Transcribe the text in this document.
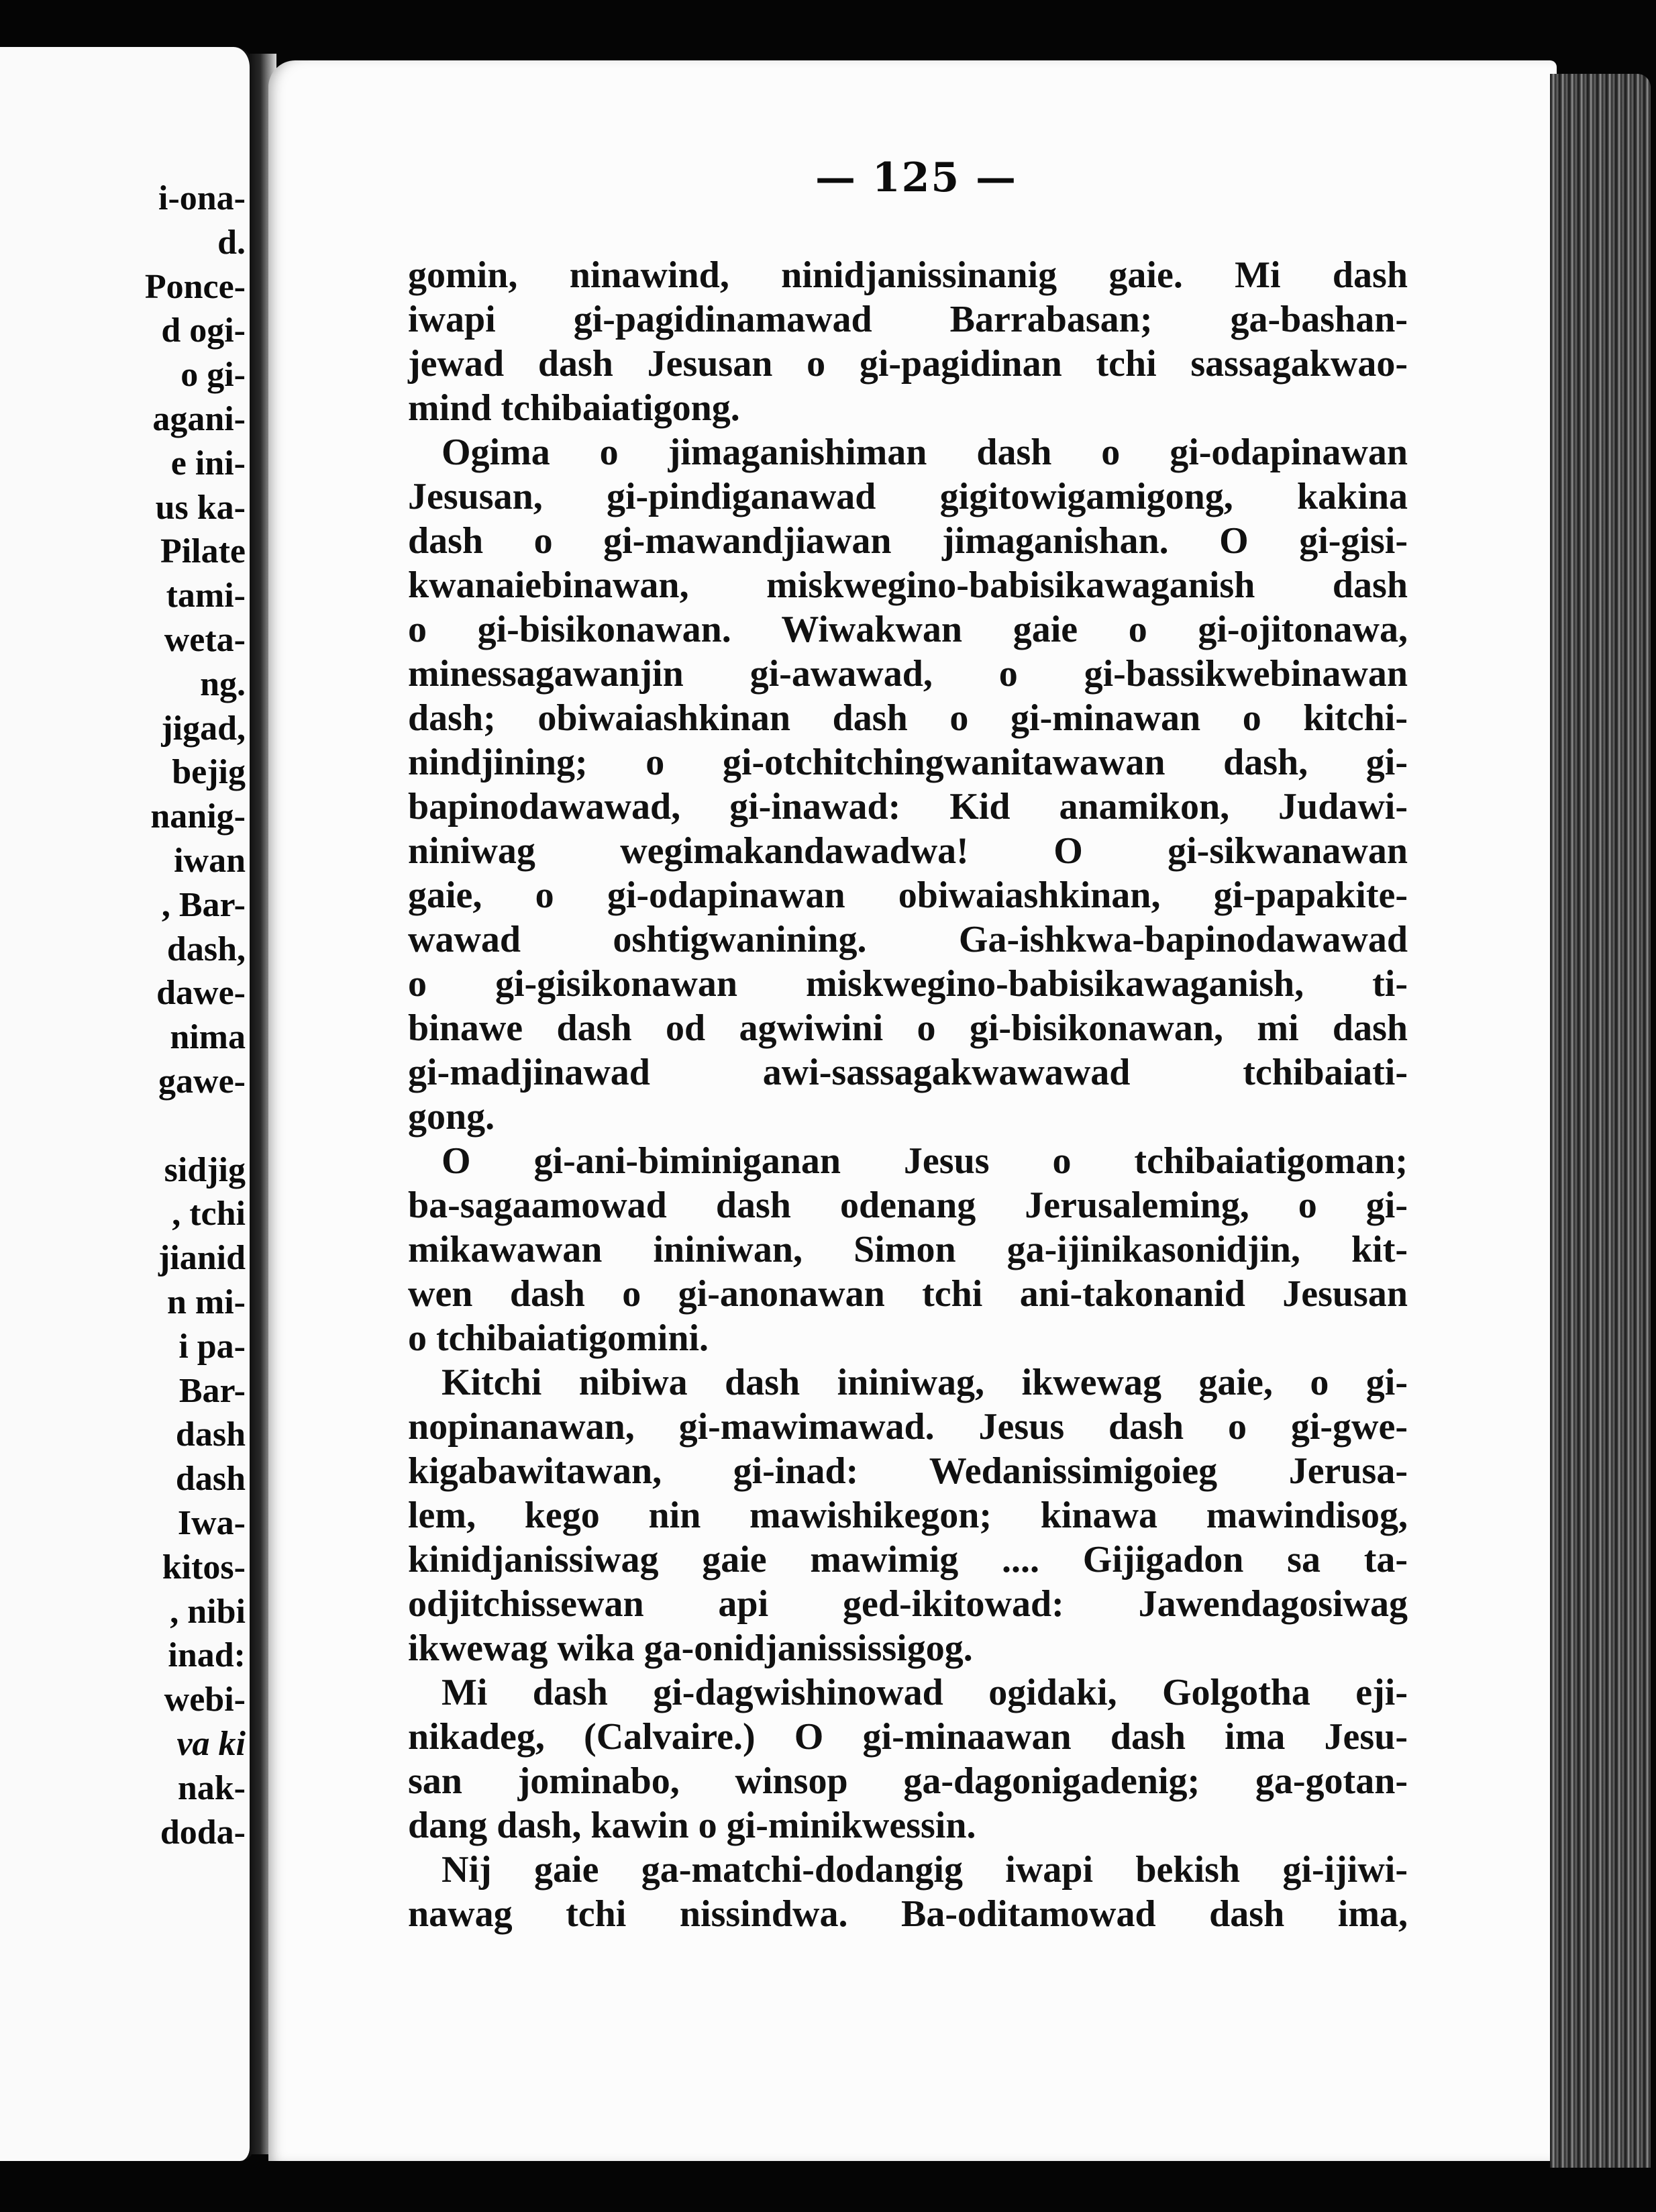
i-ona-
d.
Ponce-
d ogi-
o gi-
agani-
e ini-
us ka-
Pilate
tami-
weta-
ng.
jigad,
bejig
nanig-
iwan
, Bar-
dash,
dawe-
nima
gawe-
sidjig
, tchi
jianid
n mi-
i pa-
Bar-
dash
dash
Iwa-
kitos-
, nibi
inad:
webi-
va ki
nak-
doda-
— 125 —
gomin, ninawind, ninidjanissinanig gaie. Mi dash
iwapi gi-pagidinamawad Barrabasan; ga-bashan-
jewad dash Jesusan o gi-pagidinan tchi sassagakwao-
mind tchibaiatigong.
Ogima o jimaganishiman dash o gi-odapinawan
Jesusan, gi-pindiganawad gigitowigamigong, kakina
dash o gi-mawandjiawan jimaganishan. O gi-gisi-
kwanaiebinawan, miskwegino-babisikawaganish dash
o gi-bisikonawan. Wiwakwan gaie o gi-ojitonawa,
minessagawanjin gi-awawad, o gi-bassikwebinawan
dash; obiwaiashkinan dash o gi-minawan o kitchi-
nindjining; o gi-otchitchingwanitawawan dash, gi-
bapinodawawad, gi-inawad: Kid anamikon, Judawi-
niniwag wegimakandawadwa! O gi-sikwanawan
gaie, o gi-odapinawan obiwaiashkinan, gi-papakite-
wawad oshtigwanining. Ga-ishkwa-bapinodawawad
o gi-gisikonawan miskwegino-babisikawaganish, ti-
binawe dash od agwiwini o gi-bisikonawan, mi dash
gi-madjinawad awi-sassagakwawawad tchibaiati-
gong.
O gi-ani-biminiganan Jesus o tchibaiatigoman;
ba-sagaamowad dash odenang Jerusaleming, o gi-
mikawawan ininiwan, Simon ga-ijinikasonidjin, kit-
wen dash o gi-anonawan tchi ani-takonanid Jesusan
o tchibaiatigomini.
Kitchi nibiwa dash ininiwag, ikwewag gaie, o gi-
nopinanawan, gi-mawimawad. Jesus dash o gi-gwe-
kigabawitawan, gi-inad: Wedanissimigoieg Jerusa-
lem, kego nin mawishikegon; kinawa mawindisog,
kinidjanissiwag gaie mawimig .... Gijigadon sa ta-
odjitchissewan api ged-ikitowad: Jawendagosiwag
ikwewag wika ga-onidjanississigog.
Mi dash gi-dagwishinowad ogidaki, Golgotha eji-
nikadeg, (Calvaire.) O gi-minaawan dash ima Jesu-
san jominabo, winsop ga-dagonigadenig; ga-gotan-
dang dash, kawin o gi-minikwessin.
Nij gaie ga-matchi-dodangig iwapi bekish gi-ijiwi-
nawag tchi nissindwa. Ba-oditamowad dash ima,
